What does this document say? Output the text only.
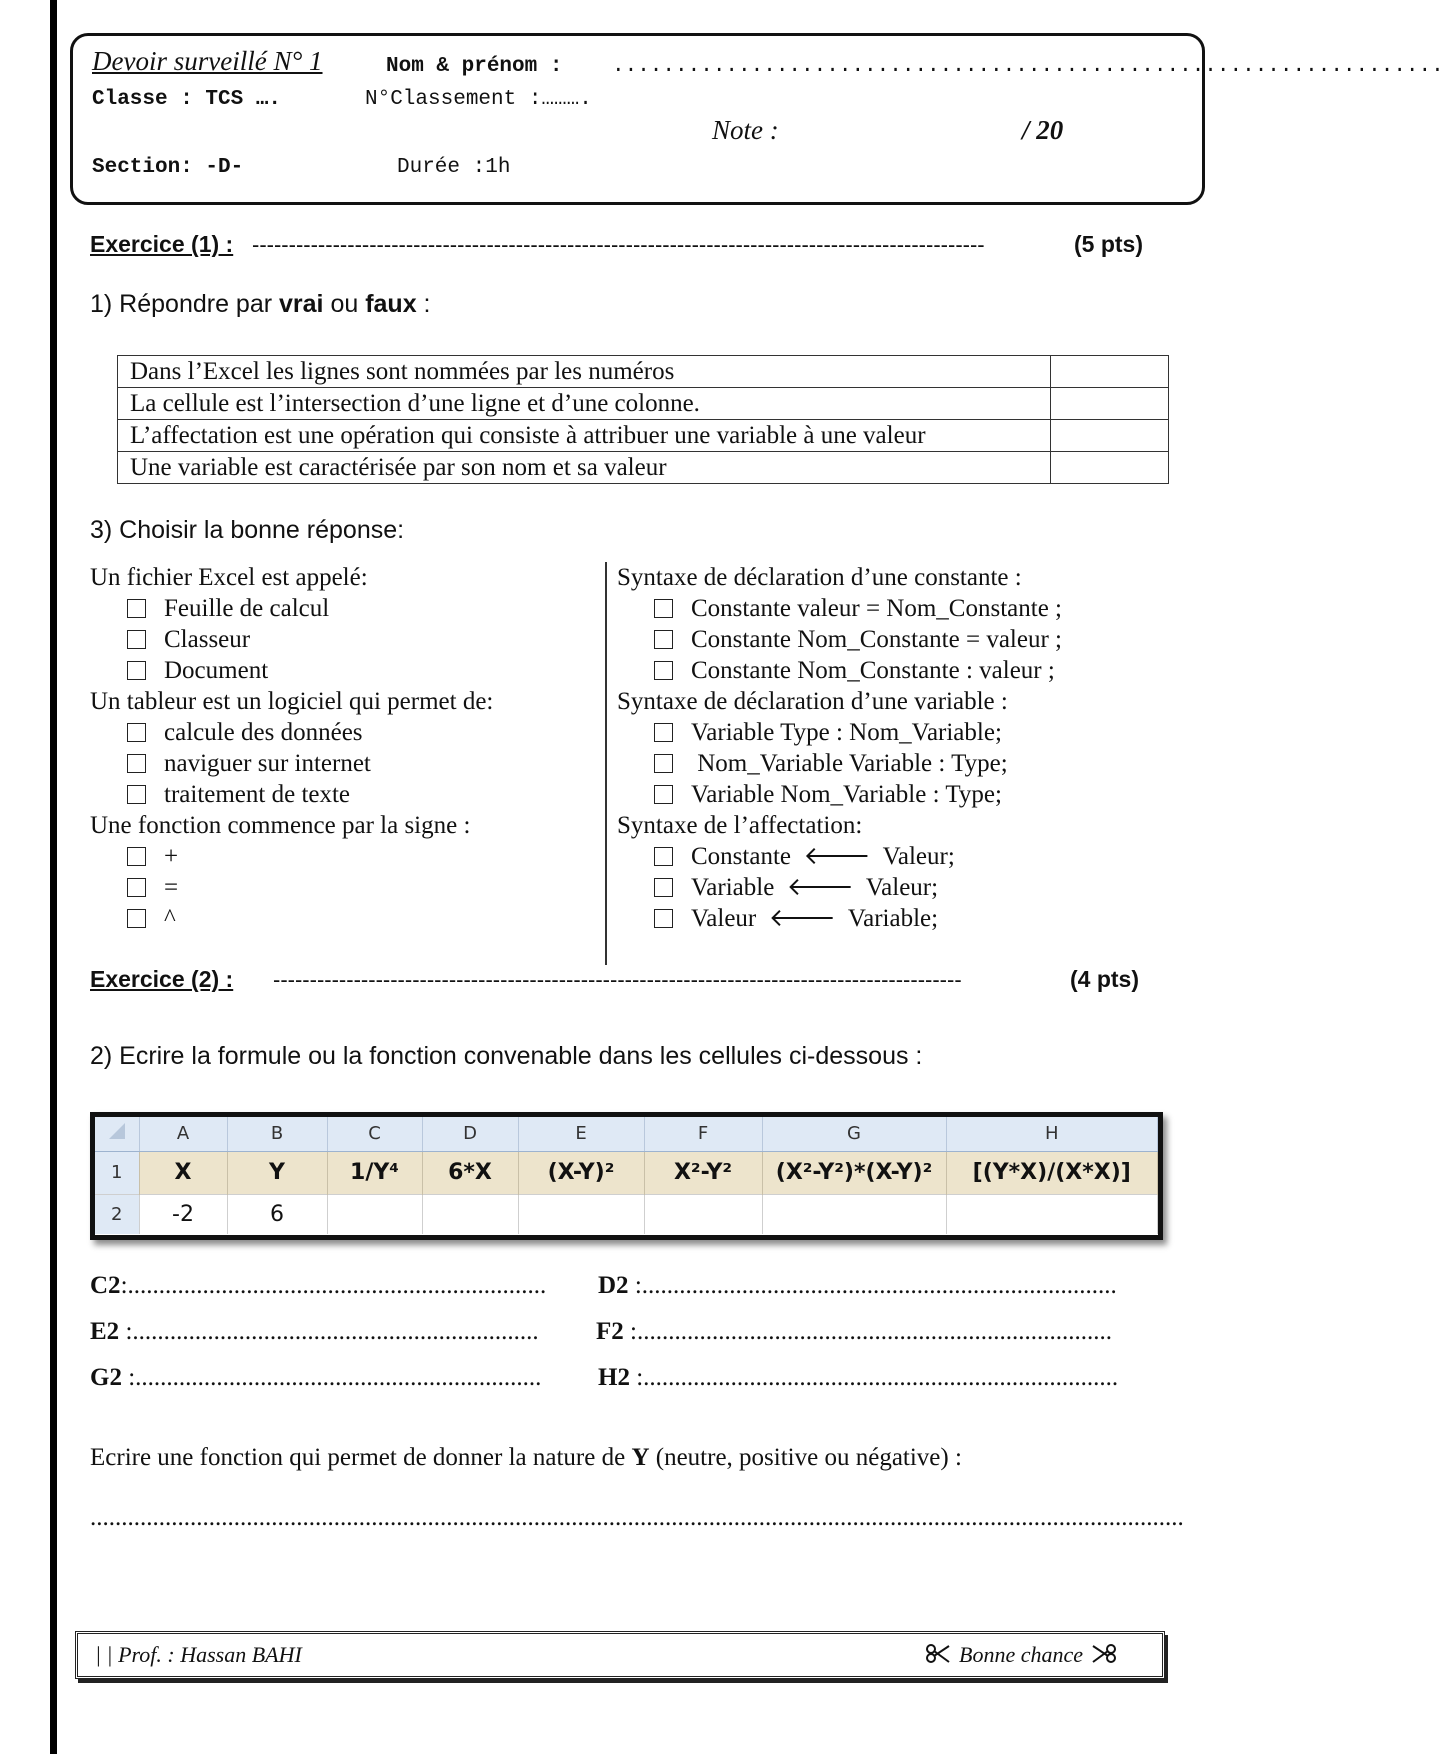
Devoir surveillé N° 1	Nom & prénom : ..................................................................
Classe : TCS ….	N°Classement :……….
Note :	/ 20
Section: -D-	Durée :1h
Exercice (1) : ----------------------------------------------------------------------------------------------------	(5 pts)
1) Répondre par vrai ou faux :
Dans l’Excel les lignes sont nommées par les numéros	
La cellule est l’intersection d’une ligne et d’une colonne.	
L’affectation est une opération qui consiste à attribuer une variable à une valeur	
Une variable est caractérisée par son nom et sa valeur	
3) Choisir la bonne réponse:
Un fichier Excel est appelé:
Feuille de calcul
Classeur
Document
Un tableur est un logiciel qui permet de:
calcule des données
naviguer sur internet
traitement de texte
Une fonction commence par la signe :
+
=
^
Syntaxe de déclaration d’une constante :
Constante valeur = Nom_Constante ;
Constante Nom_Constante = valeur ;
Constante Nom_Constante : valeur ;
Syntaxe de déclaration d’une variable :
Variable Type : Nom_Variable;
Nom_Variable Variable : Type;
Variable Nom_Variable : Type;
Syntaxe de l’affectation:
Constante  🡐  Valeur;
Variable  🡐  Valeur;
Valeur  🡐  Variable;
Exercice (2) : ----------------------------------------------------------------------------------------------	(4 pts)
2) Ecrire la formule ou la fonction convenable dans les cellules ci-dessous :
	A	B	C	D	E	F	G	H
1	X	Y	1/Y⁴	6*X	(X-Y)²	X²-Y²	(X²-Y²)*(X-Y)²	[(Y*X)/(X*X)]
2	-2	6						
C2:...................................................................	D2 :............................................................................
E2 :.................................................................	F2 :............................................................................
G2 :.................................................................	H2 :............................................................................
Ecrire une fonction qui permet de donner la nature de Y (neutre, positive ou négative) :
...............................................................................................................................................................................
| | Prof. : Hassan BAHI	Bonne chance
